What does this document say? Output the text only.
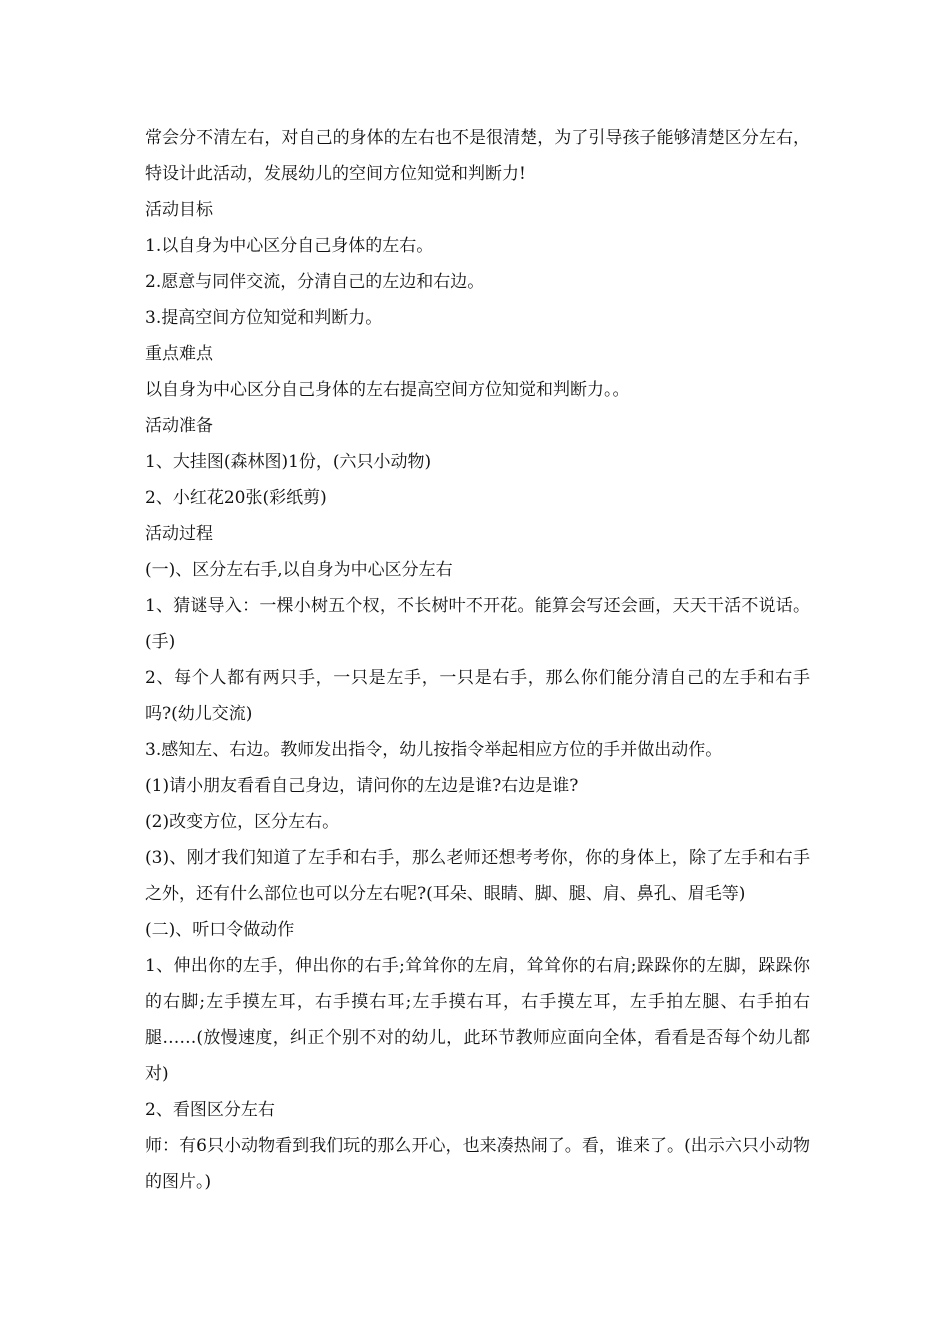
常会分不清左右，对自己的身体的左右也不是很清楚，为了引导孩子能够清楚区分左右，特设计此活动，发展幼儿的空间方位知觉和判断力!

活动目标

1.以自身为中心区分自己身体的左右。

2.愿意与同伴交流，分清自己的左边和右边。

3.提高空间方位知觉和判断力。

重点难点

以自身为中心区分自己身体的左右提高空间方位知觉和判断力。。

活动准备

1、大挂图(森林图)1份，(六只小动物)

2、小红花20张(彩纸剪)

活动过程

(一)、区分左右手,以自身为中心区分左右

1、猜谜导入：一棵小树五个杈，不长树叶不开花。能算会写还会画，天天干活不说话。(手)

2、每个人都有两只手，一只是左手，一只是右手，那么你们能分清自己的左手和右手吗?(幼儿交流)

3.感知左、右边。教师发出指令，幼儿按指令举起相应方位的手并做出动作。

(1)请小朋友看看自己身边，请问你的左边是谁?右边是谁?

(2)改变方位，区分左右。

(3)、刚才我们知道了左手和右手，那么老师还想考考你，你的身体上，除了左手和右手之外，还有什么部位也可以分左右呢?(耳朵、眼睛、脚、腿、肩、鼻孔、眉毛等)

(二)、听口令做动作

1、伸出你的左手，伸出你的右手;耸耸你的左肩，耸耸你的右肩;跺跺你的左脚，跺跺你的右脚;左手摸左耳，右手摸右耳;左手摸右耳，右手摸左耳，左手拍左腿、右手拍右腿……(放慢速度，纠正个别不对的幼儿，此环节教师应面向全体，看看是否每个幼儿都对)

2、看图区分左右

师：有6只小动物看到我们玩的那么开心，也来凑热闹了。看，谁来了。(出示六只小动物的图片。)
